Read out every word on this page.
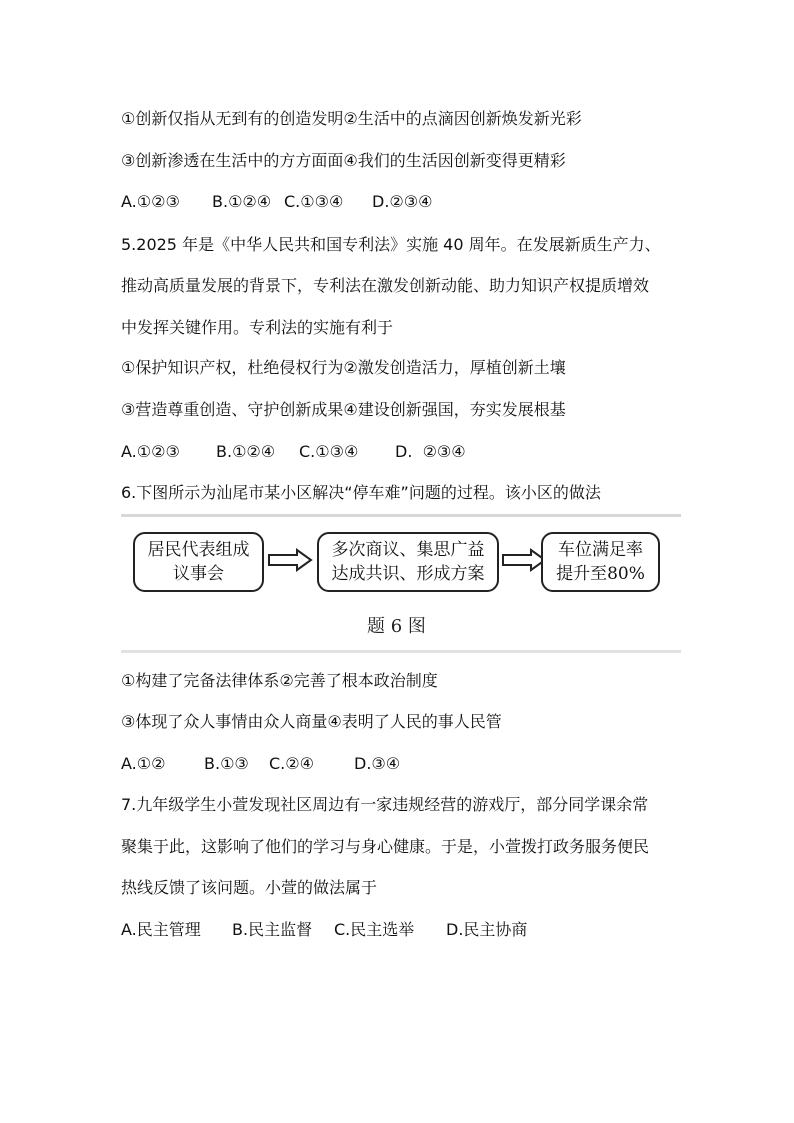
①创新仅指从无到有的创造发明②生活中的点滴因创新焕发新光彩
③创新渗透在生活中的方方面面④我们的生活因创新变得更精彩
A.①②③ B.①②④ C.①③④ D.②③④
5.2025 年是《中华人民共和国专利法》实施 40 周年。在发展新质生产力、
推动高质量发展的背景下，专利法在激发创新动能、助力知识产权提质增效
中发挥关键作用。专利法的实施有利于
①保护知识产权，杜绝侵权行为②激发创造活力，厚植创新土壤
③营造尊重创造、守护创新成果④建设创新强国，夯实发展根基
A.①②③ B.①②④ C.①③④ D.  ②③④
6.下图所示为汕尾市某小区解决“停车难”问题的过程。该小区的做法
居民代表组成
议事会
多次商议、集思广益
达成共识、形成方案
车位满足率
提升至80%
题 6 图
①构建了完备法律体系②完善了根本政治制度
③体现了众人事情由众人商量④表明了人民的事人民管
A.①② B.①③ C.②④	D.③④
7.九年级学生小萱发现社区周边有一家违规经营的游戏厅，部分同学课余常
聚集于此，这影响了他们的学习与身心健康。于是，小萱拨打政务服务便民
热线反馈了该问题。小萱的做法属于
A.民主管理 B.民主监督 C.民主选举 D.民主协商
